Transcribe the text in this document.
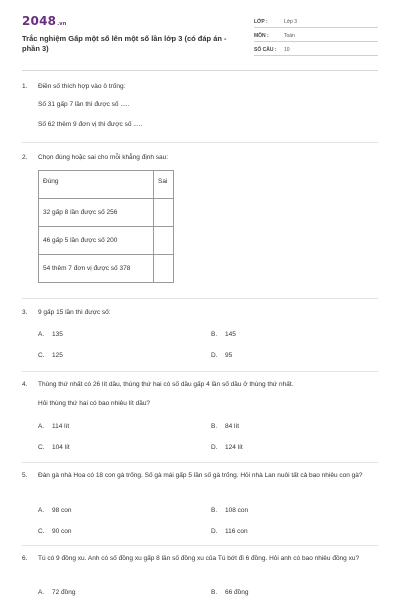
2048.vn
Trắc nghiệm Gấp một số lên một số lần lớp 3 (có đáp án - phần 3)
LỚP :	Lớp 3
MÔN :	Toán
SỐ CÂU : 10
1. Điền số thích hợp vào ô trống:
Số 31 gấp 7 lần thì được số .....
Số 62 thêm 9 đơn vị thì được số .....
2. Chọn đúng hoặc sai cho mỗi khẳng định sau:
Đúng	Sai
32 gấp 8 lần được số 256	
46 gấp 5 lần được số 200	
54 thêm 7 đơn vị được số 378	
3. 9 gấp 15 lần thì được số:
A. 135	B. 145
C. 125	D. 95
4. Thùng thứ nhất có 26 lít dầu, thùng thứ hai có số dầu gấp 4 lần số dầu ở thùng thứ nhất.
Hỏi thùng thứ hai có bao nhiêu lít dầu?
A. 114 lít	B. 84 lít
C. 104 lít	D. 124 lít
5. Đàn gà nhà Hoa có 18 con gà trống. Số gà mái gấp 5 lần số gà trống. Hỏi nhà Lan nuôi tất cả bao nhiêu con gà?
A. 98 con	B. 108 con
C. 90 con	D. 116 con
6. Tú có 9 đồng xu. Anh có số đồng xu gấp 8 lần số đồng xu của Tú bớt đi 6 đồng. Hỏi anh có bao nhiêu đồng xu?
A. 72 đồng	B. 66 đồng
